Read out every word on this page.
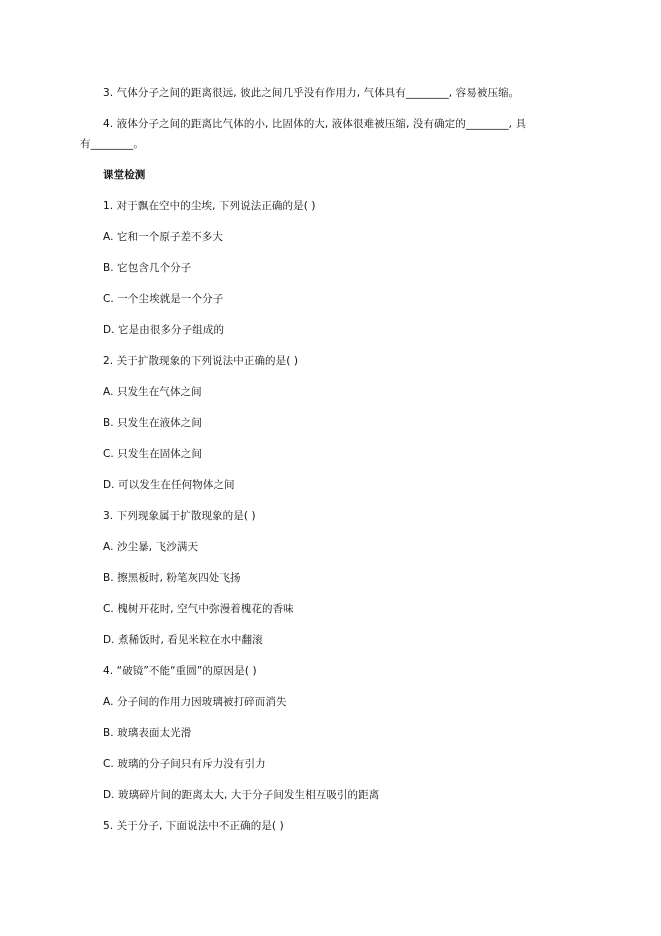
3. 气体分子之间的距离很远, 彼此之间几乎没有作用力, 气体具有________, 容易被压缩。
4. 液体分子之间的距离比气体的小, 比固体的大, 液体很难被压缩, 没有确定的________, 具
有________。
课堂检测
1. 对于飘在空中的尘埃, 下列说法正确的是( )
A. 它和一个原子差不多大
B. 它包含几个分子
C. 一个尘埃就是一个分子
D. 它是由很多分子组成的
2. 关于扩散现象的下列说法中正确的是( )
A. 只发生在气体之间
B. 只发生在液体之间
C. 只发生在固体之间
D. 可以发生在任何物体之间
3. 下列现象属于扩散现象的是( )
A. 沙尘暴, 飞沙满天
B. 擦黑板时, 粉笔灰四处飞扬
C. 槐树开花时, 空气中弥漫着槐花的香味
D. 煮稀饭时, 看见米粒在水中翻滚
4. “破镜”不能“重圆”的原因是( )
A. 分子间的作用力因玻璃被打碎而消失
B. 玻璃表面太光滑
C. 玻璃的分子间只有斥力没有引力
D. 玻璃碎片间的距离太大, 大于分子间发生相互吸引的距离
5. 关于分子, 下面说法中不正确的是( )
